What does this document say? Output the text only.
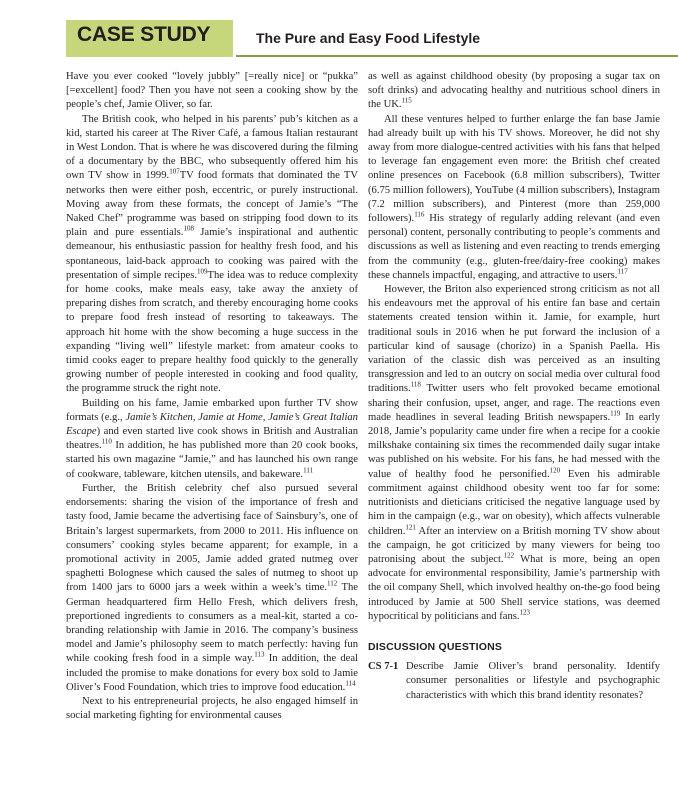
CASE STUDY	The Pure and Easy Food Lifestyle

Have you ever cooked “lovely jubbly” [=really nice] or “pukka” [=excellent] food? Then you have not seen a cooking show by the people’s chef, Jamie Oliver, so far.

The British cook, who helped in his parents’ pub’s kitchen as a kid, started his career at The River Café, a famous Italian restaurant in West London. That is where he was discovered during the filming of a documentary by the BBC, who subsequently offered him his own TV show in 1999.$^{107}$TV food formats that dominated the TV networks then were either posh, eccentric, or purely instructional. Moving away from these formats, the concept of Jamie’s “The Naked Chef” programme was based on stripping food down to its plain and pure essentials.$^{108}$ Jamie’s inspirational and authentic demeanour, his enthusiastic passion for healthy fresh food, and his spontaneous, laid-back approach to cooking was paired with the presentation of simple recipes.$^{109}$The idea was to reduce complexity for home cooks, make meals easy, take away the anxiety of preparing dishes from scratch, and thereby encouraging home cooks to prepare food fresh instead of resorting to takeaways. The approach hit home with the show becoming a huge success in the expanding “living well” lifestyle market: from amateur cooks to timid cooks eager to prepare healthy food quickly to the generally growing number of people interested in cooking and food quality, the programme struck the right note.

Building on his fame, Jamie embarked upon further TV show formats (e.g., Jamie’s Kitchen, Jamie at Home, Jamie’s Great Italian Escape) and even started live cook shows in British and Australian theatres.$^{110}$ In addition, he has published more than 20 cook books, started his own magazine “Jamie,” and has launched his own range of cookware, tableware, kitchen utensils, and bakeware.$^{111}$

Further, the British celebrity chef also pursued several endorsements: sharing the vision of the importance of fresh and tasty food, Jamie became the advertising face of Sainsbury’s, one of Britain’s largest supermarkets, from 2000 to 2011. His influence on consumers’ cooking styles became apparent; for example, in a promotional activity in 2005, Jamie added grated nutmeg over spaghetti Bolognese which caused the sales of nutmeg to shoot up from 1400 jars to 6000 jars a week within a week’s time.$^{112}$ The German headquartered firm Hello Fresh, which delivers fresh, preportioned ingredients to consumers as a meal-kit, started a co-branding relationship with Jamie in 2016. The company’s business model and Jamie’s philosophy seem to match perfectly: having fun while cooking fresh food in a simple way.$^{113}$ In addition, the deal included the promise to make donations for every box sold to Jamie Oliver’s Food Foundation, which tries to improve food education.$^{114}$

Next to his entrepreneurial projects, he also engaged himself in social marketing fighting for environmental causes

as well as against childhood obesity (by proposing a sugar tax on soft drinks) and advocating healthy and nutritious school diners in the UK.$^{115}$

All these ventures helped to further enlarge the fan base Jamie had already built up with his TV shows. Moreover, he did not shy away from more dialogue-centred activities with his fans that helped to leverage fan engagement even more: the British chef created online presences on Facebook (6.8 million subscribers), Twitter (6.75 million followers), YouTube (4 million subscribers), Instagram (7.2 million subscribers), and Pinterest (more than 259,000 followers).$^{116}$ His strategy of regularly adding relevant (and even personal) content, personally contributing to people’s comments and discussions as well as listening and even reacting to trends emerging from the community (e.g., gluten-free/dairy-free cooking) makes these channels impactful, engaging, and attractive to users.$^{117}$

However, the Briton also experienced strong criticism as not all his endeavours met the approval of his entire fan base and certain statements created tension within it. Jamie, for example, hurt traditional souls in 2016 when he put forward the inclusion of a particular kind of sausage (chorizo) in a Spanish Paella. His variation of the classic dish was perceived as an insulting transgression and led to an outcry on social media over cultural food traditions.$^{118}$ Twitter users who felt provoked became emotional sharing their confusion, upset, anger, and rage. The reactions even made headlines in several leading British newspapers.$^{119}$ In early 2018, Jamie’s popularity came under fire when a recipe for a cookie milkshake containing six times the recommended daily sugar intake was published on his website. For his fans, he had messed with the value of healthy food he personified.$^{120}$ Even his admirable commitment against childhood obesity went too far for some: nutritionists and dieticians criticised the negative language used by him in the campaign (e.g., war on obesity), which affects vulnerable children.$^{121}$ After an interview on a British morning TV show about the campaign, he got criticized by many viewers for being too patronising about the subject.$^{122}$ What is more, being an open advocate for environmental responsibility, Jamie’s partnership with the oil company Shell, which involved healthy on-the-go food being introduced by Jamie at 500 Shell service stations, was deemed hypocritical by politicians and fans.$^{123}$

DISCUSSION QUESTIONS
CS 7-1 Describe Jamie Oliver’s brand personality. Identify consumer personalities or lifestyle and psychographic characteristics with which this brand identity resonates?
